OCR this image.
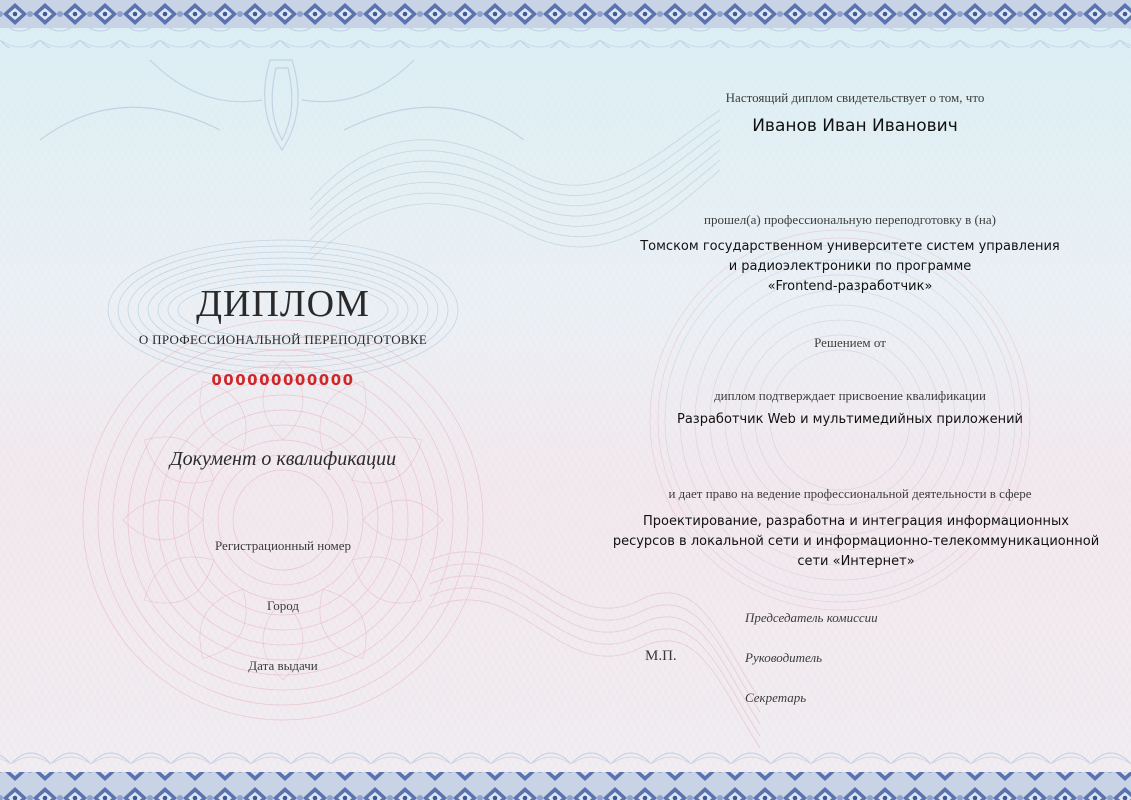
ДИПЛОМ
О ПРОФЕССИОНАЛЬНОЙ ПЕРЕПОДГОТОВКЕ
000000000000
Документ о квалификации
Регистрационный номер
Город
Дата выдачи
Настоящий диплом свидетельствует о том, что
Иванов Иван Иванович
прошел(а) профессиональную переподготовку в (на)
Томском государственном университете систем управления
и радиоэлектроники по программе
«Frontend-разработчик»
Решением от
диплом подтверждает присвоение квалификации
Разработчик Web и мультимедийных приложений
и дает право на ведение профессиональной деятельности в сфере
Проектирование, разработна и интеграция информационных
ресурсов в локальной сети и информационно-телекоммуникационной
сети «Интернет»
М.П.
Председатель комиссии
Руководитель
Секретарь
